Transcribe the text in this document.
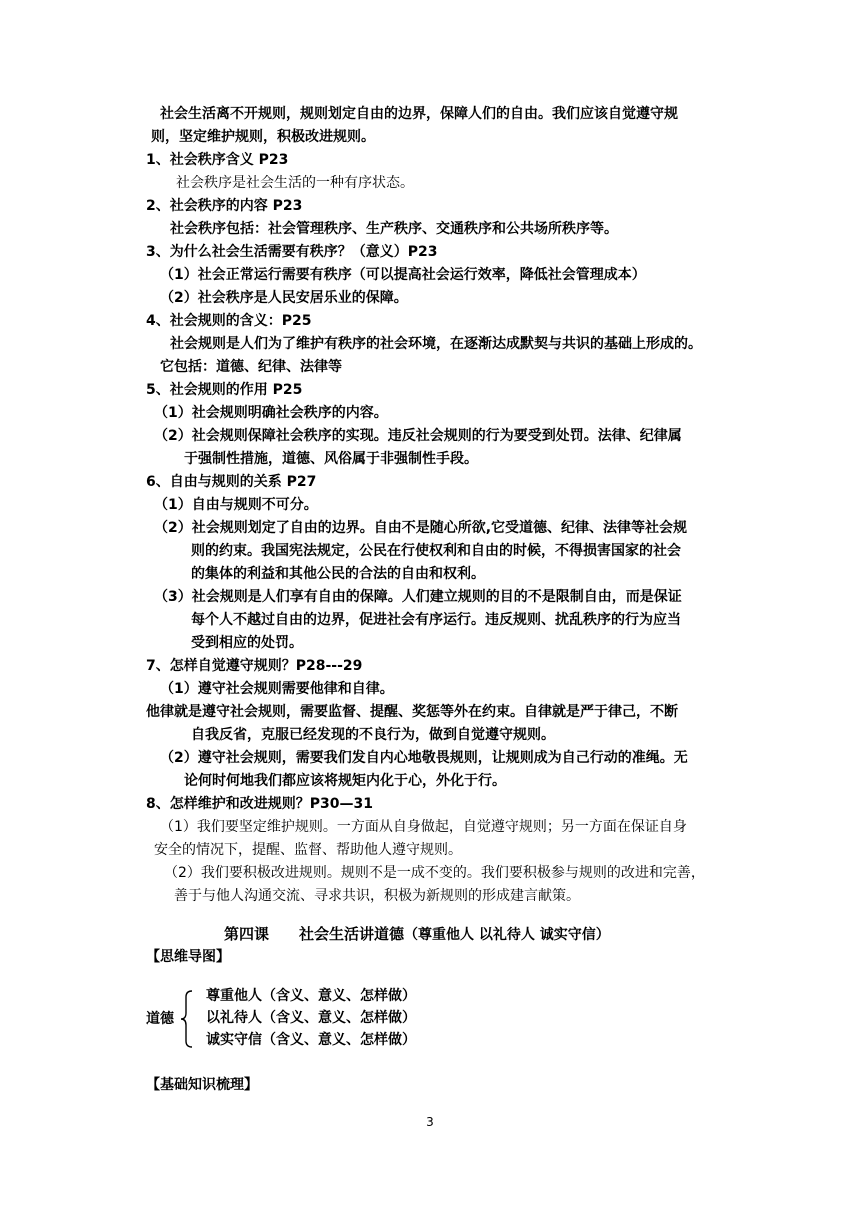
社会生活离不开规则，规则划定自由的边界，保障人们的自由。我们应该自觉遵守规
则，坚定维护规则，积极改进规则。
1、社会秩序含义 P23
社会秩序是社会生活的一种有序状态。
2、社会秩序的内容 P23
社会秩序包括：社会管理秩序、生产秩序、交通秩序和公共场所秩序等。
3、为什么社会生活需要有秩序？（意义）P23
（1）社会正常运行需要有秩序（可以提高社会运行效率，降低社会管理成本）
（2）社会秩序是人民安居乐业的保障。
4、社会规则的含义：P25
社会规则是人们为了维护有秩序的社会环境，在逐渐达成默契与共识的基础上形成的。
它包括：道德、纪律、法律等
5、社会规则的作用 P25
（1）社会规则明确社会秩序的内容。
（2）社会规则保障社会秩序的实现。违反社会规则的行为要受到处罚。法律、纪律属
于强制性措施，道德、风俗属于非强制性手段。
6、自由与规则的关系 P27
（1）自由与规则不可分。
（2）社会规则划定了自由的边界。自由不是随心所欲,它受道德、纪律、法律等社会规
则的约束。我国宪法规定，公民在行使权利和自由的时候，不得损害国家的社会
的集体的利益和其他公民的合法的自由和权利。
（3）社会规则是人们享有自由的保障。人们建立规则的目的不是限制自由，而是保证
每个人不越过自由的边界，促进社会有序运行。违反规则、扰乱秩序的行为应当
受到相应的处罚。
7、怎样自觉遵守规则？P28---29
（1）遵守社会规则需要他律和自律。
他律就是遵守社会规则，需要监督、提醒、奖惩等外在约束。自律就是严于律己，不断
自我反省，克服已经发现的不良行为，做到自觉遵守规则。
（2）遵守社会规则，需要我们发自内心地敬畏规则，让规则成为自己行动的准绳。无
论何时何地我们都应该将规矩内化于心，外化于行。
8、怎样维护和改进规则？P30—31
（1）我们要坚定维护规则。一方面从自身做起，自觉遵守规则；另一方面在保证自身
安全的情况下，提醒、监督、帮助他人遵守规则。
（2）我们要积极改进规则。规则不是一成不变的。我们要积极参与规则的改进和完善，
善于与他人沟通交流、寻求共识，积极为新规则的形成建言献策。
第四课　　社会生活讲道德（尊重他人 以礼待人 诚实守信）
【思维导图】
道德
尊重他人（含义、意义、怎样做）
以礼待人（含义、意义、怎样做）
诚实守信（含义、意义、怎样做）
【基础知识梳理】
3
